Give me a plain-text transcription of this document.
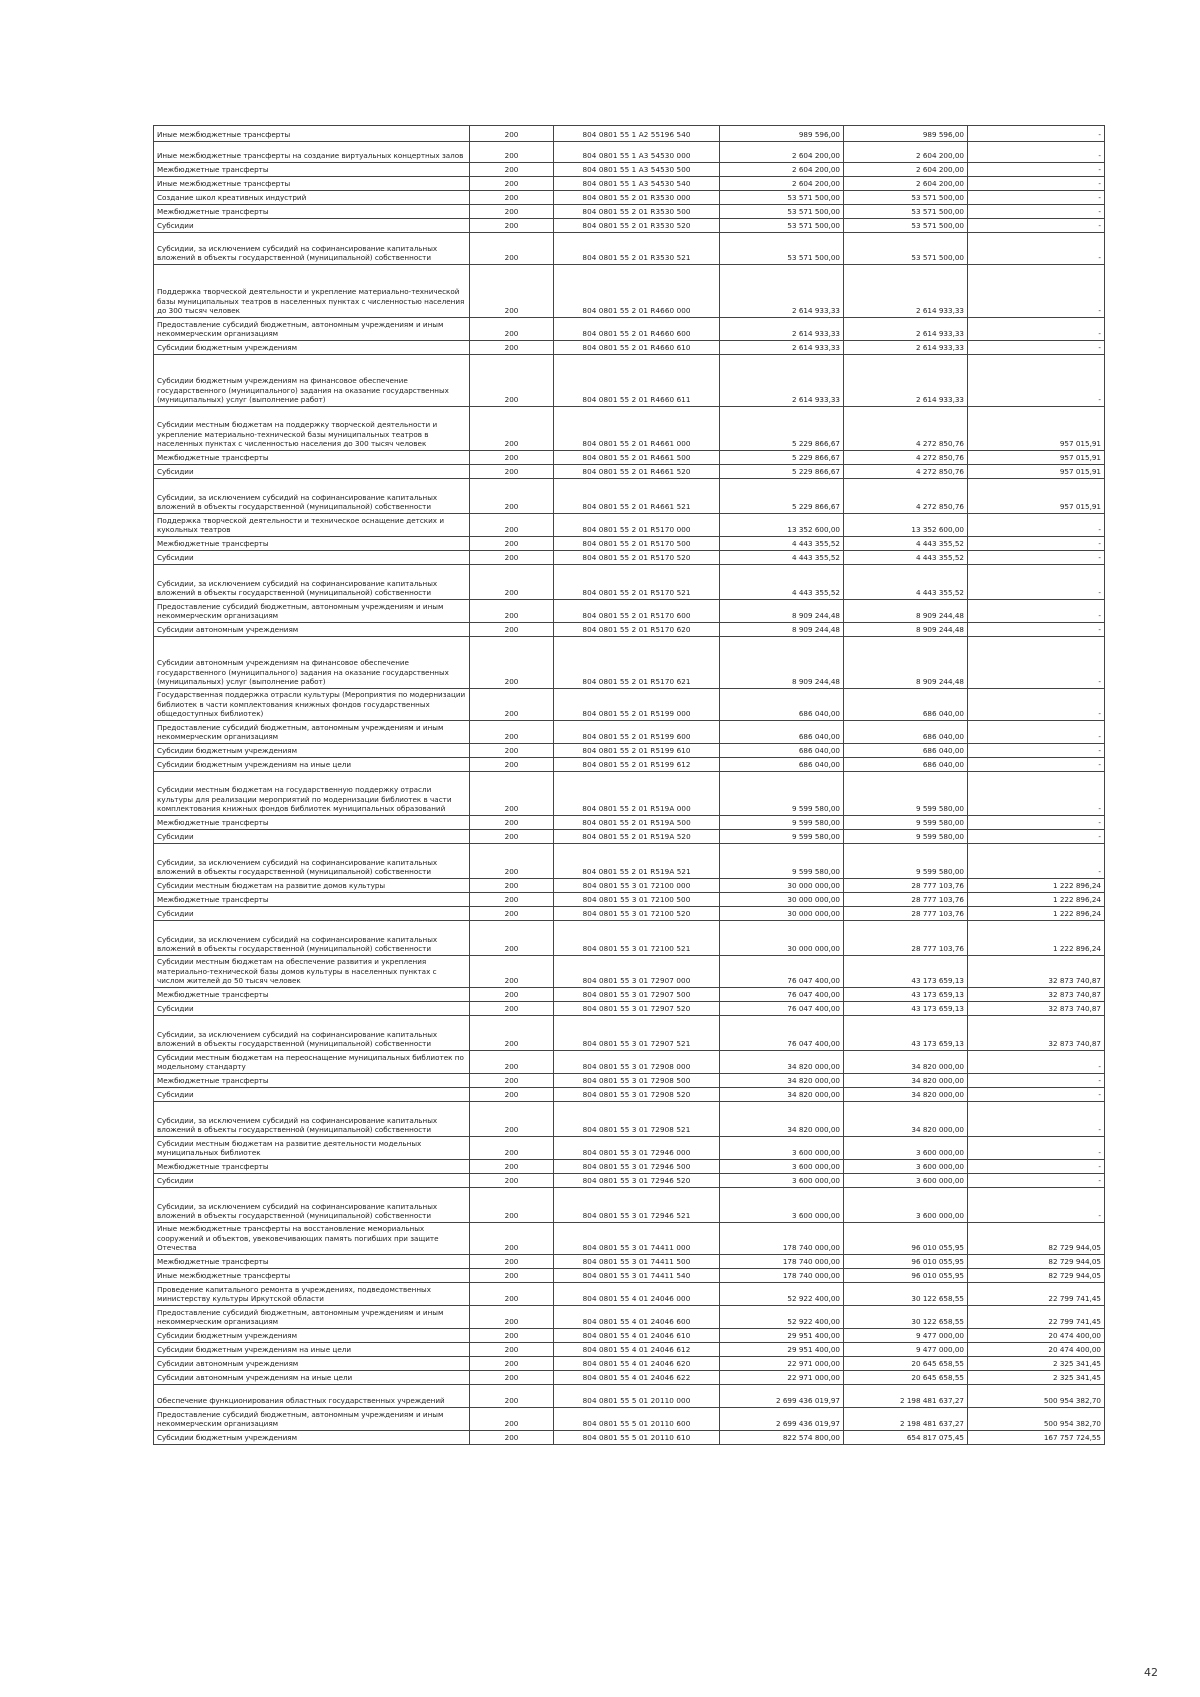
Иные межбюджетные трансферты	200	804 0801 55 1 А2 55196 540	989 596,00	989 596,00	-
Иные межбюджетные трансферты на создание виртуальных концертных залов	200	804 0801 55 1 А3 54530 000	2 604 200,00	2 604 200,00	-
Межбюджетные трансферты	200	804 0801 55 1 А3 54530 500	2 604 200,00	2 604 200,00	-
Иные межбюджетные трансферты	200	804 0801 55 1 А3 54530 540	2 604 200,00	2 604 200,00	-
Создание школ креативных индустрий	200	804 0801 55 2 01 R3530 000	53 571 500,00	53 571 500,00	-
Межбюджетные трансферты	200	804 0801 55 2 01 R3530 500	53 571 500,00	53 571 500,00	-
Субсидии	200	804 0801 55 2 01 R3530 520	53 571 500,00	53 571 500,00	-
Субсидии, за исключением субсидий на софинансирование капитальных вложений в объекты государственной (муниципальной) собственности	200	804 0801 55 2 01 R3530 521	53 571 500,00	53 571 500,00	-
Поддержка творческой деятельности и укрепление материально-технической базы муниципальных театров в населенных пунктах с численностью населения до 300 тысяч человек	200	804 0801 55 2 01 R4660 000	2 614 933,33	2 614 933,33	-
Предоставление субсидий бюджетным, автономным учреждениям и иным некоммерческим организациям	200	804 0801 55 2 01 R4660 600	2 614 933,33	2 614 933,33	-
Субсидии бюджетным учреждениям	200	804 0801 55 2 01 R4660 610	2 614 933,33	2 614 933,33	-
Субсидии бюджетным учреждениям на финансовое обеспечение государственного (муниципального) задания на оказание государственных (муниципальных) услуг (выполнение работ)	200	804 0801 55 2 01 R4660 611	2 614 933,33	2 614 933,33	-
Субсидии местным бюджетам на поддержку творческой деятельности и укрепление материально-технической базы муниципальных театров в населенных пунктах с численностью населения до 300 тысяч человек	200	804 0801 55 2 01 R4661 000	5 229 866,67	4 272 850,76	957 015,91
Межбюджетные трансферты	200	804 0801 55 2 01 R4661 500	5 229 866,67	4 272 850,76	957 015,91
Субсидии	200	804 0801 55 2 01 R4661 520	5 229 866,67	4 272 850,76	957 015,91
Субсидии, за исключением субсидий на софинансирование капитальных вложений в объекты государственной (муниципальной) собственности	200	804 0801 55 2 01 R4661 521	5 229 866,67	4 272 850,76	957 015,91
Поддержка творческой деятельности и техническое оснащение детских и кукольных театров	200	804 0801 55 2 01 R5170 000	13 352 600,00	13 352 600,00	-
Межбюджетные трансферты	200	804 0801 55 2 01 R5170 500	4 443 355,52	4 443 355,52	-
Субсидии	200	804 0801 55 2 01 R5170 520	4 443 355,52	4 443 355,52	-
Субсидии, за исключением субсидий на софинансирование капитальных вложений в объекты государственной (муниципальной) собственности	200	804 0801 55 2 01 R5170 521	4 443 355,52	4 443 355,52	-
Предоставление субсидий бюджетным, автономным учреждениям и иным некоммерческим организациям	200	804 0801 55 2 01 R5170 600	8 909 244,48	8 909 244,48	-
Субсидии автономным учреждениям	200	804 0801 55 2 01 R5170 620	8 909 244,48	8 909 244,48	-
Субсидии автономным учреждениям на финансовое обеспечение государственного (муниципального) задания на оказание государственных (муниципальных) услуг (выполнение работ)	200	804 0801 55 2 01 R5170 621	8 909 244,48	8 909 244,48	-
Государственная поддержка отрасли культуры (Мероприятия по модернизации библиотек в части комплектования книжных фондов государственных общедоступных библиотек)	200	804 0801 55 2 01 R5199 000	686 040,00	686 040,00	-
Предоставление субсидий бюджетным, автономным учреждениям и иным некоммерческим организациям	200	804 0801 55 2 01 R5199 600	686 040,00	686 040,00	-
Субсидии бюджетным учреждениям	200	804 0801 55 2 01 R5199 610	686 040,00	686 040,00	-
Субсидии бюджетным учреждениям на иные цели	200	804 0801 55 2 01 R5199 612	686 040,00	686 040,00	-
Субсидии местным бюджетам на государственную поддержку отрасли культуры для реализации мероприятий по модернизации библиотек в части комплектования книжных фондов библиотек муниципальных образований	200	804 0801 55 2 01 R519А 000	9 599 580,00	9 599 580,00	-
Межбюджетные трансферты	200	804 0801 55 2 01 R519А 500	9 599 580,00	9 599 580,00	-
Субсидии	200	804 0801 55 2 01 R519А 520	9 599 580,00	9 599 580,00	-
Субсидии, за исключением субсидий на софинансирование капитальных вложений в объекты государственной (муниципальной) собственности	200	804 0801 55 2 01 R519А 521	9 599 580,00	9 599 580,00	-
Субсидии местным бюджетам на развитие домов культуры	200	804 0801 55 3 01 72100 000	30 000 000,00	28 777 103,76	1 222 896,24
Межбюджетные трансферты	200	804 0801 55 3 01 72100 500	30 000 000,00	28 777 103,76	1 222 896,24
Субсидии	200	804 0801 55 3 01 72100 520	30 000 000,00	28 777 103,76	1 222 896,24
Субсидии, за исключением субсидий на софинансирование капитальных вложений в объекты государственной (муниципальной) собственности	200	804 0801 55 3 01 72100 521	30 000 000,00	28 777 103,76	1 222 896,24
Субсидии местным бюджетам на обеспечение развития и укрепления материально-технической базы домов культуры в населенных пунктах с числом жителей до 50 тысяч человек	200	804 0801 55 3 01 72907 000	76 047 400,00	43 173 659,13	32 873 740,87
Межбюджетные трансферты	200	804 0801 55 3 01 72907 500	76 047 400,00	43 173 659,13	32 873 740,87
Субсидии	200	804 0801 55 3 01 72907 520	76 047 400,00	43 173 659,13	32 873 740,87
Субсидии, за исключением субсидий на софинансирование капитальных вложений в объекты государственной (муниципальной) собственности	200	804 0801 55 3 01 72907 521	76 047 400,00	43 173 659,13	32 873 740,87
Субсидии местным бюджетам на переоснащение муниципальных библиотек по модельному стандарту	200	804 0801 55 3 01 72908 000	34 820 000,00	34 820 000,00	-
Межбюджетные трансферты	200	804 0801 55 3 01 72908 500	34 820 000,00	34 820 000,00	-
Субсидии	200	804 0801 55 3 01 72908 520	34 820 000,00	34 820 000,00	-
Субсидии, за исключением субсидий на софинансирование капитальных вложений в объекты государственной (муниципальной) собственности	200	804 0801 55 3 01 72908 521	34 820 000,00	34 820 000,00	-
Субсидии местным бюджетам на развитие деятельности модельных муниципальных библиотек	200	804 0801 55 3 01 72946 000	3 600 000,00	3 600 000,00	-
Межбюджетные трансферты	200	804 0801 55 3 01 72946 500	3 600 000,00	3 600 000,00	-
Субсидии	200	804 0801 55 3 01 72946 520	3 600 000,00	3 600 000,00	-
Субсидии, за исключением субсидий на софинансирование капитальных вложений в объекты государственной (муниципальной) собственности	200	804 0801 55 3 01 72946 521	3 600 000,00	3 600 000,00	-
Иные межбюджетные трансферты на восстановление мемориальных сооружений и объектов, увековечивающих память погибших при защите Отечества	200	804 0801 55 3 01 74411 000	178 740 000,00	96 010 055,95	82 729 944,05
Межбюджетные трансферты	200	804 0801 55 3 01 74411 500	178 740 000,00	96 010 055,95	82 729 944,05
Иные межбюджетные трансферты	200	804 0801 55 3 01 74411 540	178 740 000,00	96 010 055,95	82 729 944,05
Проведение капитального ремонта в учреждениях, подведомственных министерству культуры Иркутской области	200	804 0801 55 4 01 24046 000	52 922 400,00	30 122 658,55	22 799 741,45
Предоставление субсидий бюджетным, автономным учреждениям и иным некоммерческим организациям	200	804 0801 55 4 01 24046 600	52 922 400,00	30 122 658,55	22 799 741,45
Субсидии бюджетным учреждениям	200	804 0801 55 4 01 24046 610	29 951 400,00	9 477 000,00	20 474 400,00
Субсидии бюджетным учреждениям на иные цели	200	804 0801 55 4 01 24046 612	29 951 400,00	9 477 000,00	20 474 400,00
Субсидии автономным учреждениям	200	804 0801 55 4 01 24046 620	22 971 000,00	20 645 658,55	2 325 341,45
Субсидии автономным учреждениям на иные цели	200	804 0801 55 4 01 24046 622	22 971 000,00	20 645 658,55	2 325 341,45
Обеспечение функционирования областных государственных учреждений	200	804 0801 55 5 01 20110 000	2 699 436 019,97	2 198 481 637,27	500 954 382,70
Предоставление субсидий бюджетным, автономным учреждениям и иным некоммерческим организациям	200	804 0801 55 5 01 20110 600	2 699 436 019,97	2 198 481 637,27	500 954 382,70
Субсидии бюджетным учреждениям	200	804 0801 55 5 01 20110 610	822 574 800,00	654 817 075,45	167 757 724,55
42
